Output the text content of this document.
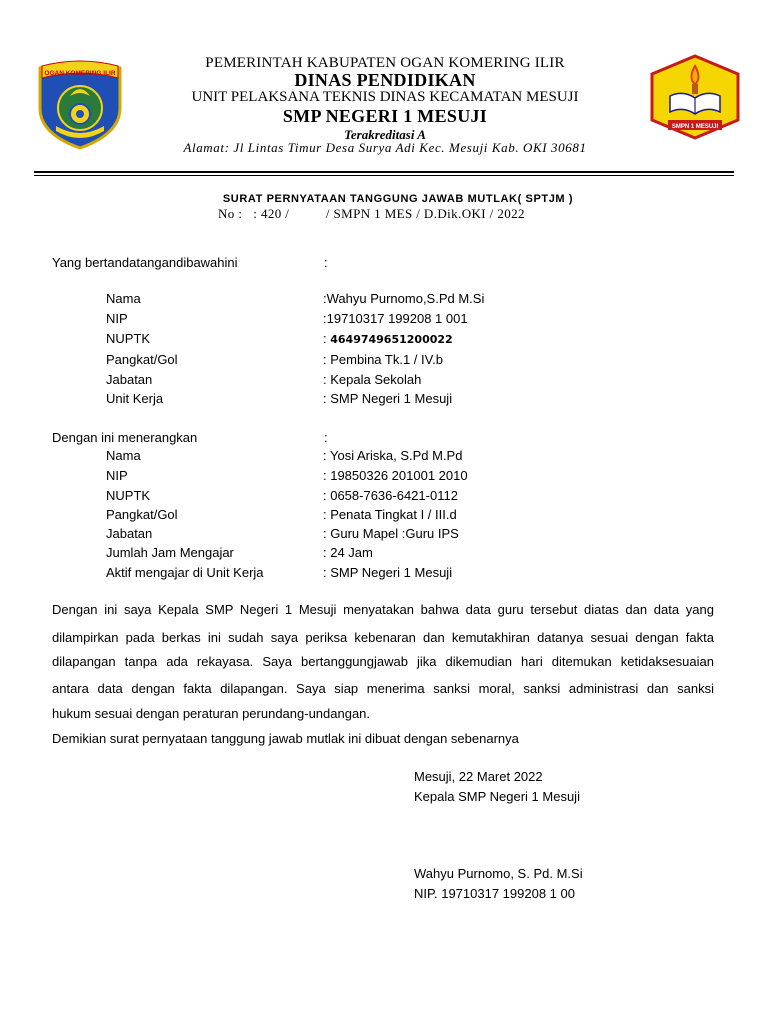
OGAN KOMERING ILIR
SMPN 1 MESUJI
PEMERINTAH KABUPATEN OGAN KOMERING ILIR
DINAS PENDIDIKAN
UNIT PELAKSANA TEKNIS DINAS KECAMATAN MESUJI
SMP NEGERI 1 MESUJI
Terakreditasi A
Alamat: Jl Lintas Timur Desa Surya Adi Kec. Mesuji Kab. OKI 30681
SURAT PERNYATAAN TANGGUNG JAWAB MUTLAK( SPTJM )
No :   : 420 /          / SMPN 1 MES / D.Dik.OKI / 2022
Yang bertandatangandibawahini	:
Nama	:Wahyu Purnomo,S.Pd M.Si
NIP	:19710317 199208 1 001
NUPTK	: 4649749651200022
Pangkat/Gol	: Pembina Tk.1 / IV.b
Jabatan	: Kepala Sekolah
Unit Kerja	: SMP Negeri 1 Mesuji
Dengan ini menerangkan	:
Nama	: Yosi Ariska, S.Pd M.Pd
NIP	: 19850326 201001 2010
NUPTK	: 0658-7636-6421-0112
Pangkat/Gol	: Penata Tingkat I / III.d
Jabatan	: Guru Mapel :Guru IPS
Jumlah Jam Mengajar	: 24 Jam
Aktif mengajar di Unit Kerja	: SMP Negeri 1 Mesuji
Dengan ini saya Kepala SMP Negeri 1 Mesuji menyatakan bahwa data guru tersebut diatas dan data yang
dilampirkan pada berkas ini sudah saya periksa kebenaran dan kemutakhiran datanya sesuai dengan fakta
dilapangan tanpa ada rekayasa. Saya bertanggungjawab jika dikemudian hari ditemukan ketidaksesuaian
antara data dengan fakta dilapangan. Saya siap menerima sanksi moral, sanksi administrasi dan sanksi
hukum sesuai dengan peraturan perundang-undangan.
Demikian surat pernyataan tanggung jawab mutlak ini dibuat dengan sebenarnya
Mesuji, 22 Maret 2022
Kepala SMP Negeri 1 Mesuji
Wahyu Purnomo, S. Pd. M.Si
NIP. 19710317 199208 1 00
